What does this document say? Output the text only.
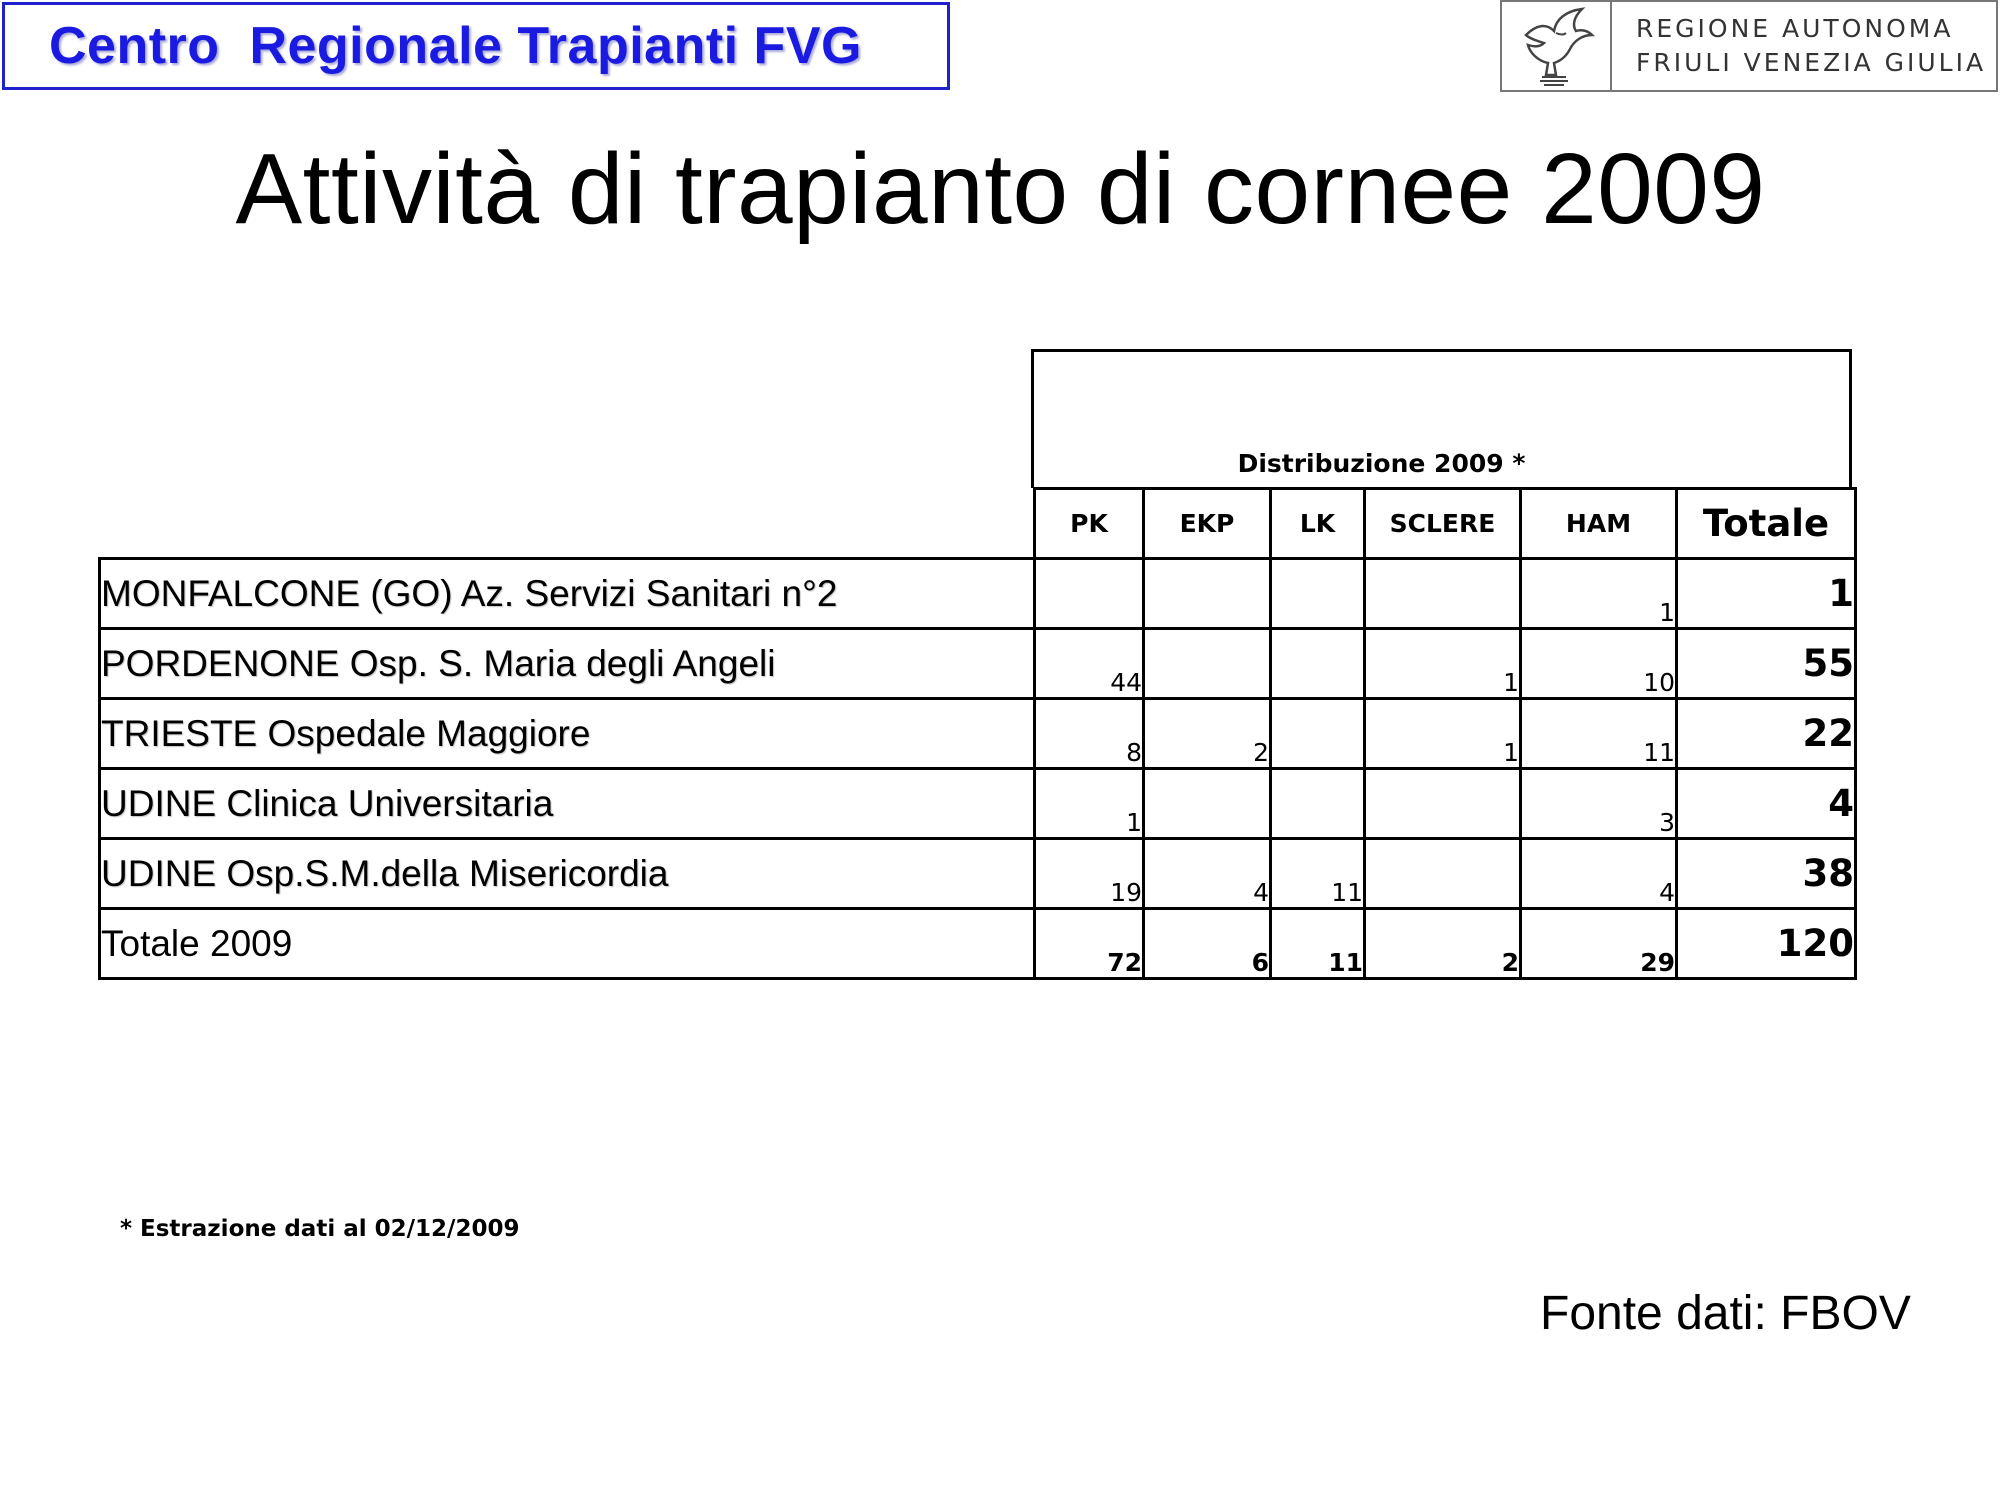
Centro  Regionale Trapianti FVG	REGIONE AUTONOMA
FRIULI VENEZIA GIULIA
Attività di trapianto di cornee 2009
Distribuzione 2009 *
	PK	EKP	LK	SCLERE	HAM	Totale
MONFALCONE (GO) Az. Servizi Sanitari n°2					1	1
PORDENONE Osp. S. Maria degli Angeli	44			1	10	55
TRIESTE Ospedale Maggiore	8	2		1	11	22
UDINE Clinica Universitaria	1				3	4
UDINE Osp.S.M.della Misericordia	19	4	11		4	38
Totale 2009	72	6	11	2	29	120
* Estrazione dati al 02/12/2009
Fonte dati: FBOV
